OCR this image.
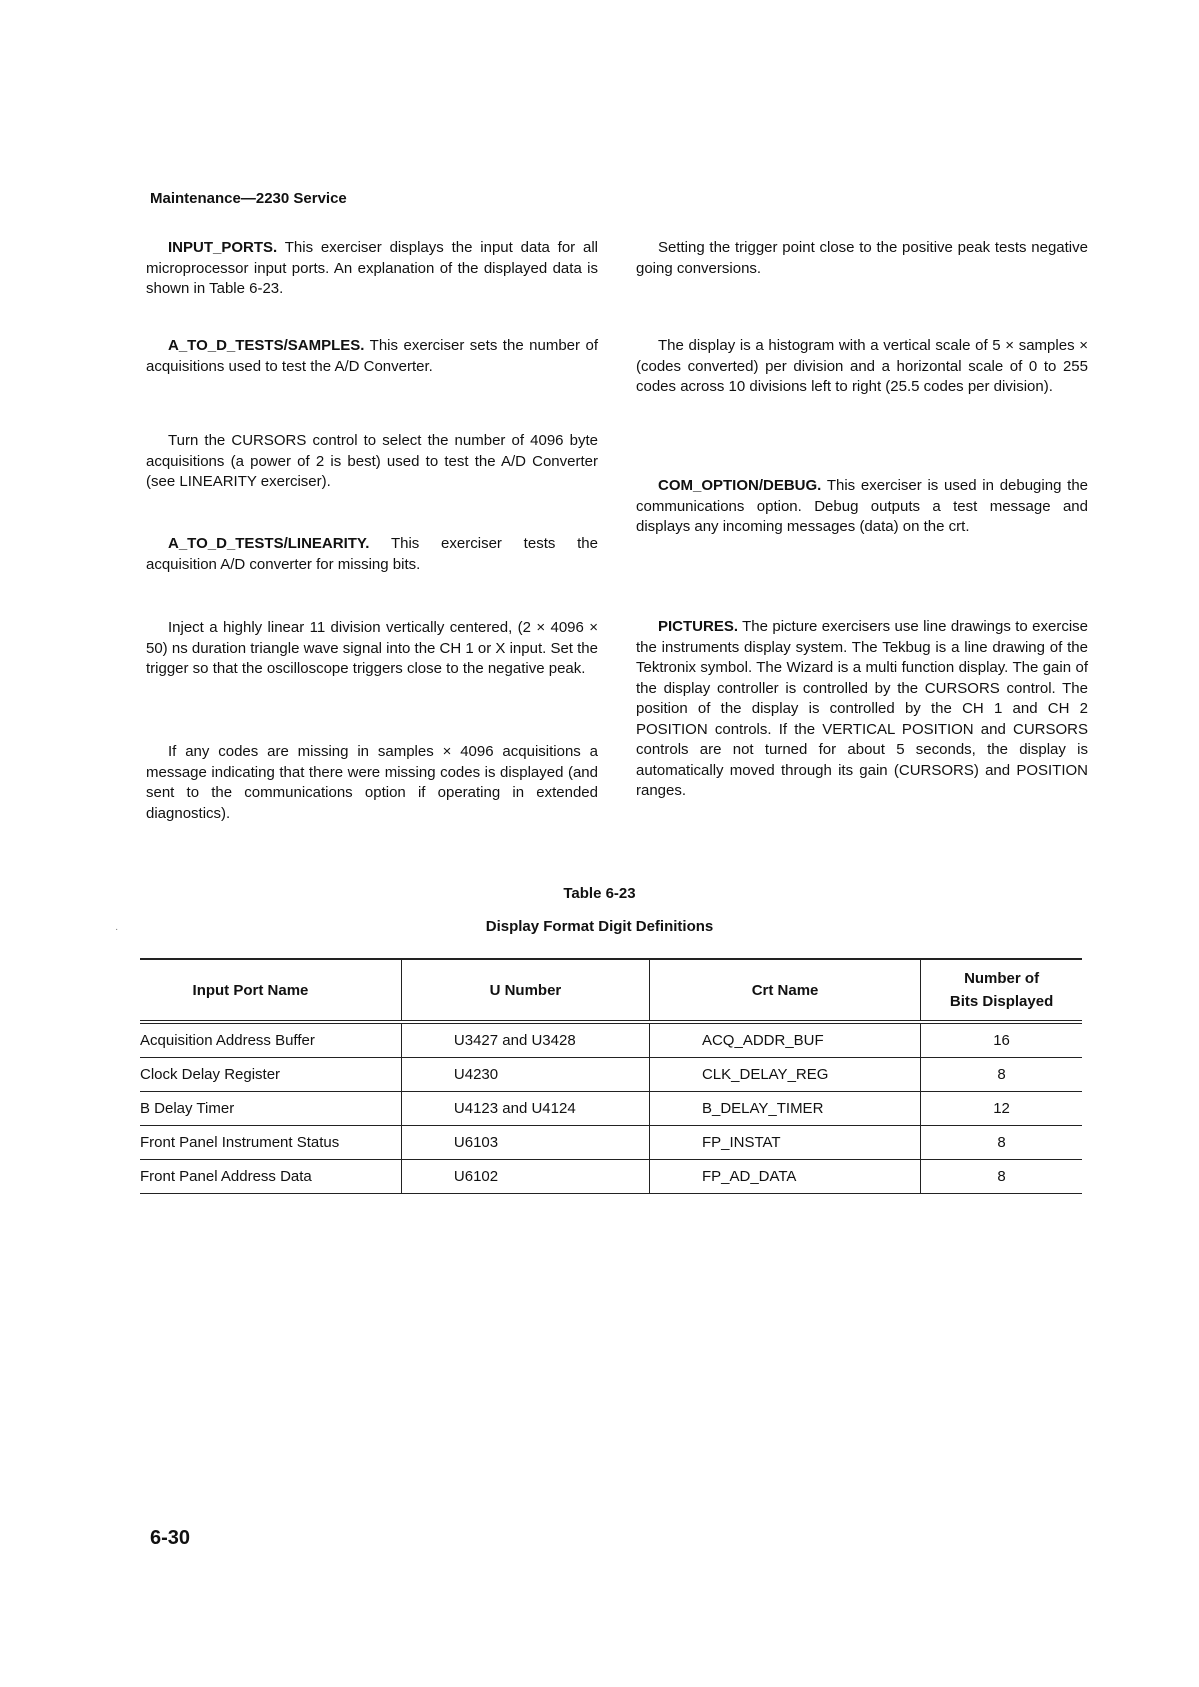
Maintenance—2230 Service

INPUT_PORTS. This exerciser displays the input data for all microprocessor input ports. An explanation of the displayed data is shown in Table 6-23.

A_TO_D_TESTS/SAMPLES. This exerciser sets the number of acquisitions used to test the A/D Converter.

Turn the CURSORS control to select the number of 4096 byte acquisitions (a power of 2 is best) used to test the A/D Converter (see LINEARITY exerciser).

A_TO_D_TESTS/LINEARITY. This exerciser tests the acquisition A/D converter for missing bits.

Inject a highly linear 11 division vertically centered, (2 × 4096 × 50) ns duration triangle wave signal into the CH 1 or X input. Set the trigger so that the oscilloscope triggers close to the negative peak.

If any codes are missing in samples × 4096 acquisitions a message indicating that there were missing codes is displayed (and sent to the communications option if operating in extended diagnostics).

Setting the trigger point close to the positive peak tests negative going conversions.

The display is a histogram with a vertical scale of 5 × samples × (codes converted) per division and a horizontal scale of 0 to 255 codes across 10 divisions left to right (25.5 codes per division).

COM_OPTION/DEBUG. This exerciser is used in debuging the communications option. Debug outputs a test message and displays any incoming messages (data) on the crt.

PICTURES. The picture exercisers use line drawings to exercise the instruments display system. The Tekbug is a line drawing of the Tektronix symbol. The Wizard is a multi function display. The gain of the display controller is controlled by the CURSORS control. The position of the display is controlled by the CH 1 and CH 2 POSITION controls. If the VERTICAL POSITION and CURSORS controls are not turned for about 5 seconds, the display is automatically moved through its gain (CURSORS) and POSITION ranges.

Table 6-23
Display Format Digit Definitions
·
Input Port Name	U Number	Crt Name	Number of
Bits Displayed

Acquisition Address Buffer	U3427 and U3428	ACQ_ADDR_BUF	16
Clock Delay Register	U4230	CLK_DELAY_REG	8
B Delay Timer	U4123 and U4124	B_DELAY_TIMER	12
Front Panel Instrument Status	U6103	FP_INSTAT	8
Front Panel Address Data	U6102	FP_AD_DATA	8
6-30
